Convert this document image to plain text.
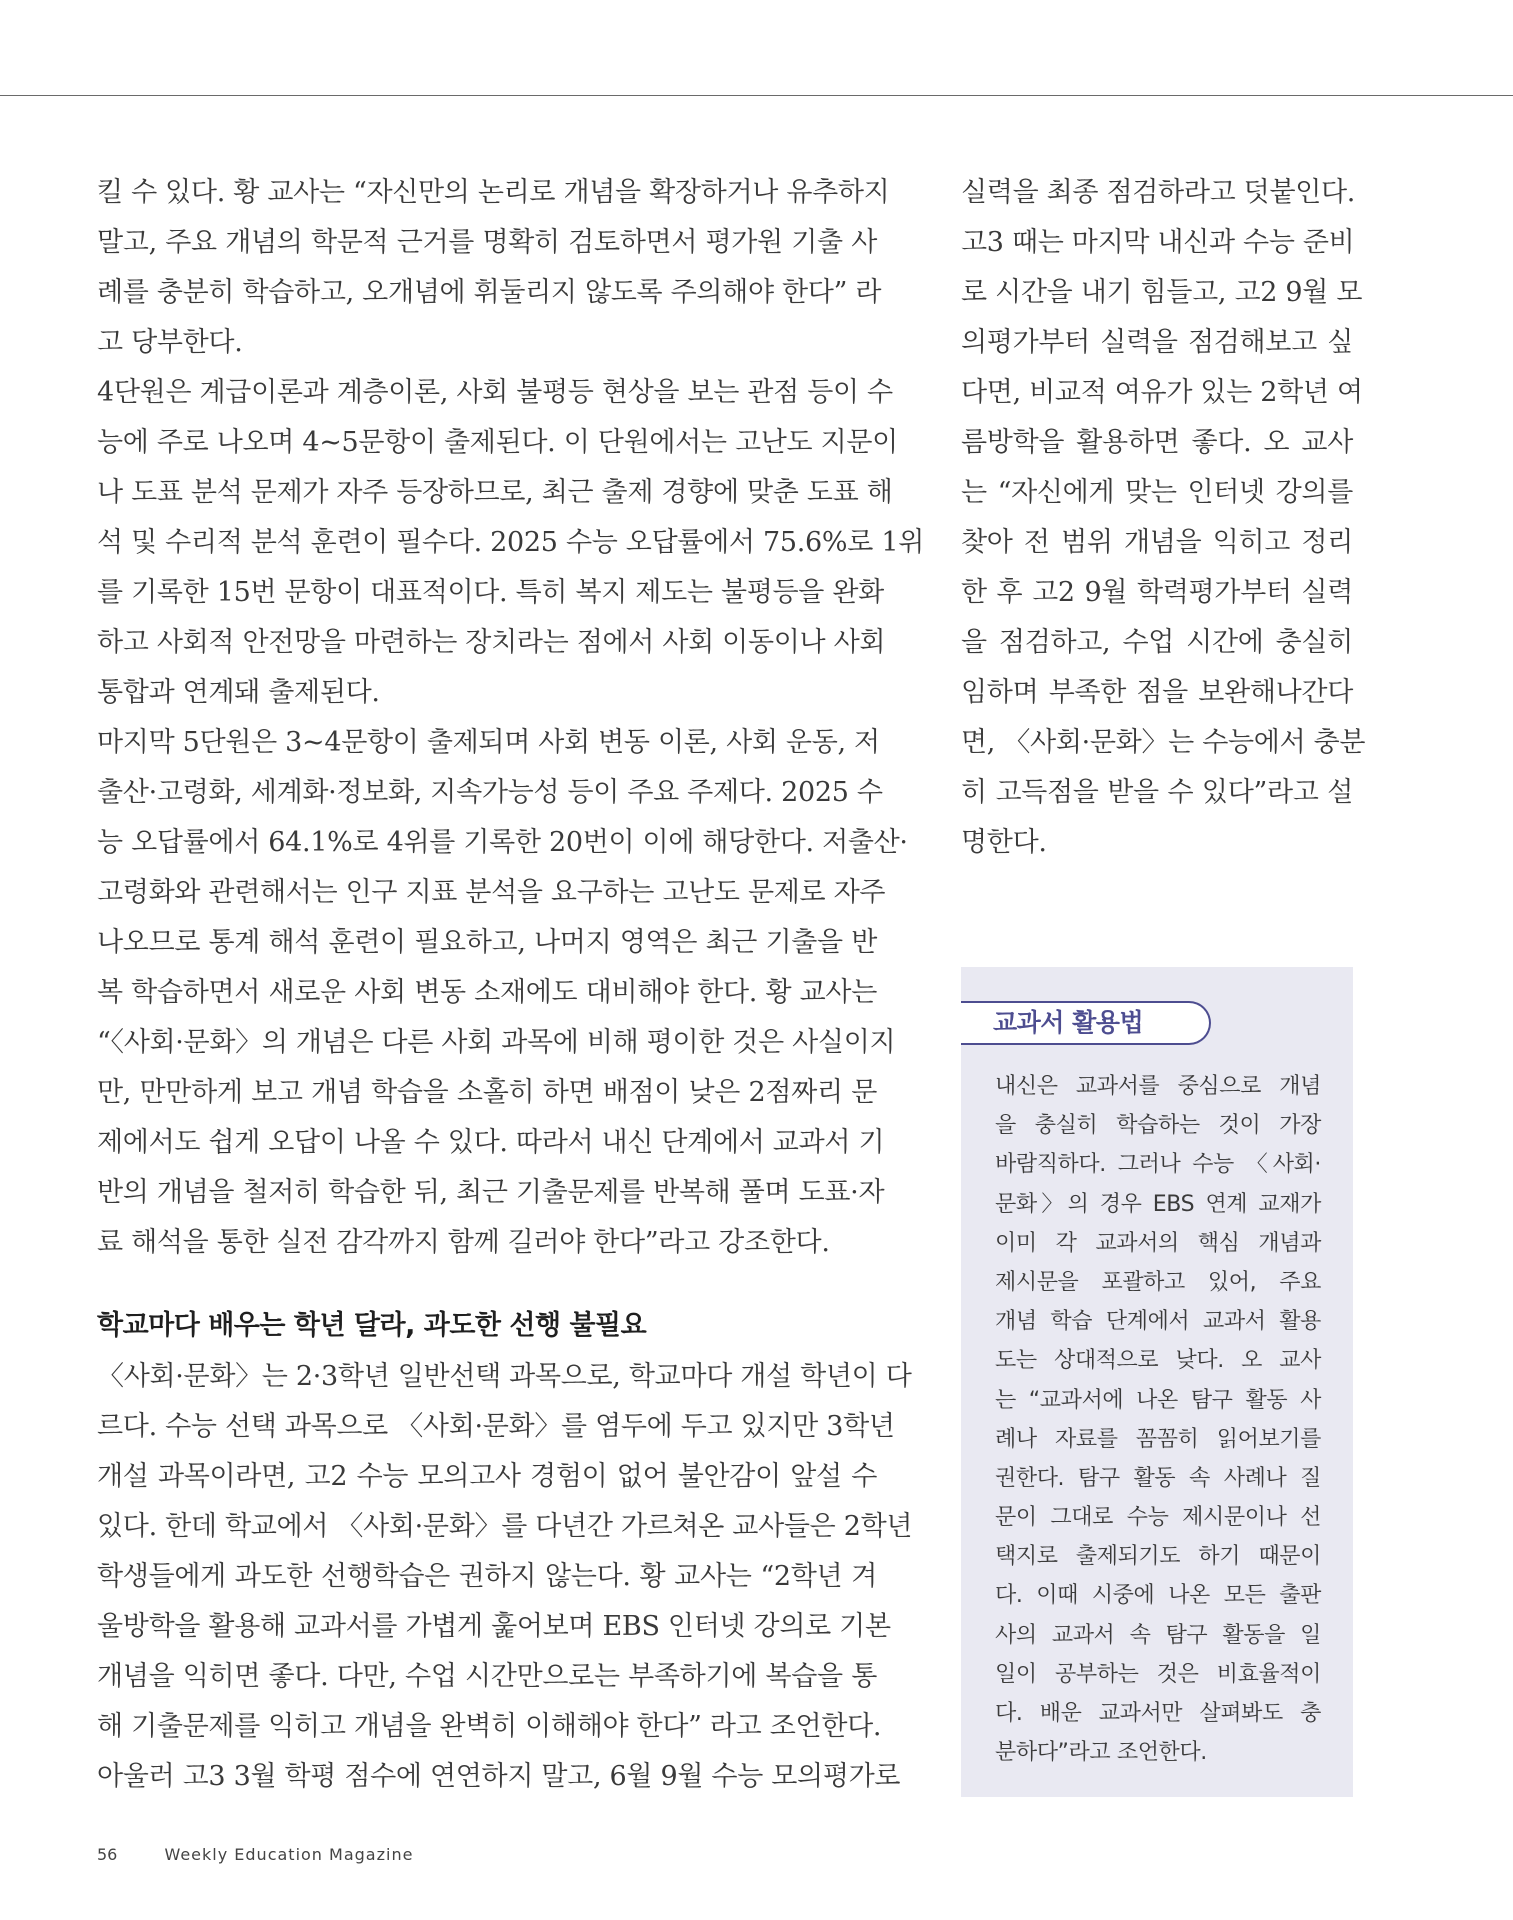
킬 수 있다. 황 교사는 “자신만의 논리로 개념을 확장하거나 유추하지
말고, 주요 개념의 학문적 근거를 명확히 검토하면서 평가원 기출 사
례를 충분히 학습하고, 오개념에 휘둘리지 않도록 주의해야 한다” 라
고 당부한다.
4단원은 계급이론과 계층이론, 사회 불평등 현상을 보는 관점 등이 수
능에 주로 나오며 4~5문항이 출제된다. 이 단원에서는 고난도 지문이
나 도표 분석 문제가 자주 등장하므로, 최근 출제 경향에 맞춘 도표 해
석 및 수리적 분석 훈련이 필수다. 2025 수능 오답률에서 75.6%로 1위
를 기록한 15번 문항이 대표적이다. 특히 복지 제도는 불평등을 완화
하고 사회적 안전망을 마련하는 장치라는 점에서 사회 이동이나 사회
통합과 연계돼 출제된다.
마지막 5단원은 3~4문항이 출제되며 사회 변동 이론, 사회 운동, 저
출산·고령화, 세계화·정보화, 지속가능성 등이 주요 주제다. 2025 수
능 오답률에서 64.1%로 4위를 기록한 20번이 이에 해당한다. 저출산·
고령화와 관련해서는 인구 지표 분석을 요구하는 고난도 문제로 자주
나오므로 통계 해석 훈련이 필요하고, 나머지 영역은 최근 기출을 반
복 학습하면서 새로운 사회 변동 소재에도 대비해야 한다. 황 교사는
“〈사회·문화〉의 개념은 다른 사회 과목에 비해 평이한 것은 사실이지
만, 만만하게 보고 개념 학습을 소홀히 하면 배점이 낮은 2점짜리 문
제에서도 쉽게 오답이 나올 수 있다. 따라서 내신 단계에서 교과서 기
반의 개념을 철저히 학습한 뒤, 최근 기출문제를 반복해 풀며 도표·자
료 해석을 통한 실전 감각까지 함께 길러야 한다”라고 강조한다.
학교마다 배우는 학년 달라, 과도한 선행 불필요
〈사회·문화〉는 2·3학년 일반선택 과목으로, 학교마다 개설 학년이 다
르다. 수능 선택 과목으로 〈사회·문화〉를 염두에 두고 있지만 3학년
개설 과목이라면, 고2 수능 모의고사 경험이 없어 불안감이 앞설 수
있다. 한데 학교에서 〈사회·문화〉를 다년간 가르쳐온 교사들은 2학년
학생들에게 과도한 선행학습은 권하지 않는다. 황 교사는 “2학년 겨
울방학을 활용해 교과서를 가볍게 훑어보며 EBS 인터넷 강의로 기본
개념을 익히면 좋다. 다만, 수업 시간만으로는 부족하기에 복습을 통
해 기출문제를 익히고 개념을 완벽히 이해해야 한다” 라고 조언한다.
아울러 고3 3월 학평 점수에 연연하지 말고, 6월 9월 수능 모의평가로
실력을 최종 점검하라고 덧붙인다.
고3 때는 마지막 내신과 수능 준비
로 시간을 내기 힘들고, 고2 9월 모
의평가부터 실력을 점검해보고 싶
다면, 비교적 여유가 있는 2학년 여
름방학을 활용하면 좋다. 오 교사
는 “자신에게 맞는 인터넷 강의를
찾아 전 범위 개념을 익히고 정리
한 후 고2 9월 학력평가부터 실력
을 점검하고, 수업 시간에 충실히
임하며 부족한 점을 보완해나간다
면, 〈사회·문화〉는 수능에서 충분
히 고득점을 받을 수 있다”라고 설
명한다.
교과서 활용법
내신은 교과서를 중심으로 개념
을 충실히 학습하는 것이 가장
바람직하다. 그러나 수능 〈사회·
문화〉의 경우 EBS 연계 교재가
이미 각 교과서의 핵심 개념과
제시문을 포괄하고 있어, 주요
개념 학습 단계에서 교과서 활용
도는 상대적으로 낮다. 오 교사
는 “교과서에 나온 탐구 활동 사
례나 자료를 꼼꼼히 읽어보기를
권한다. 탐구 활동 속 사례나 질
문이 그대로 수능 제시문이나 선
택지로 출제되기도 하기 때문이
다. 이때 시중에 나온 모든 출판
사의 교과서 속 탐구 활동을 일
일이 공부하는 것은 비효율적이
다. 배운 교과서만 살펴봐도 충
분하다”라고 조언한다.
56	Weekly Education Magazine
